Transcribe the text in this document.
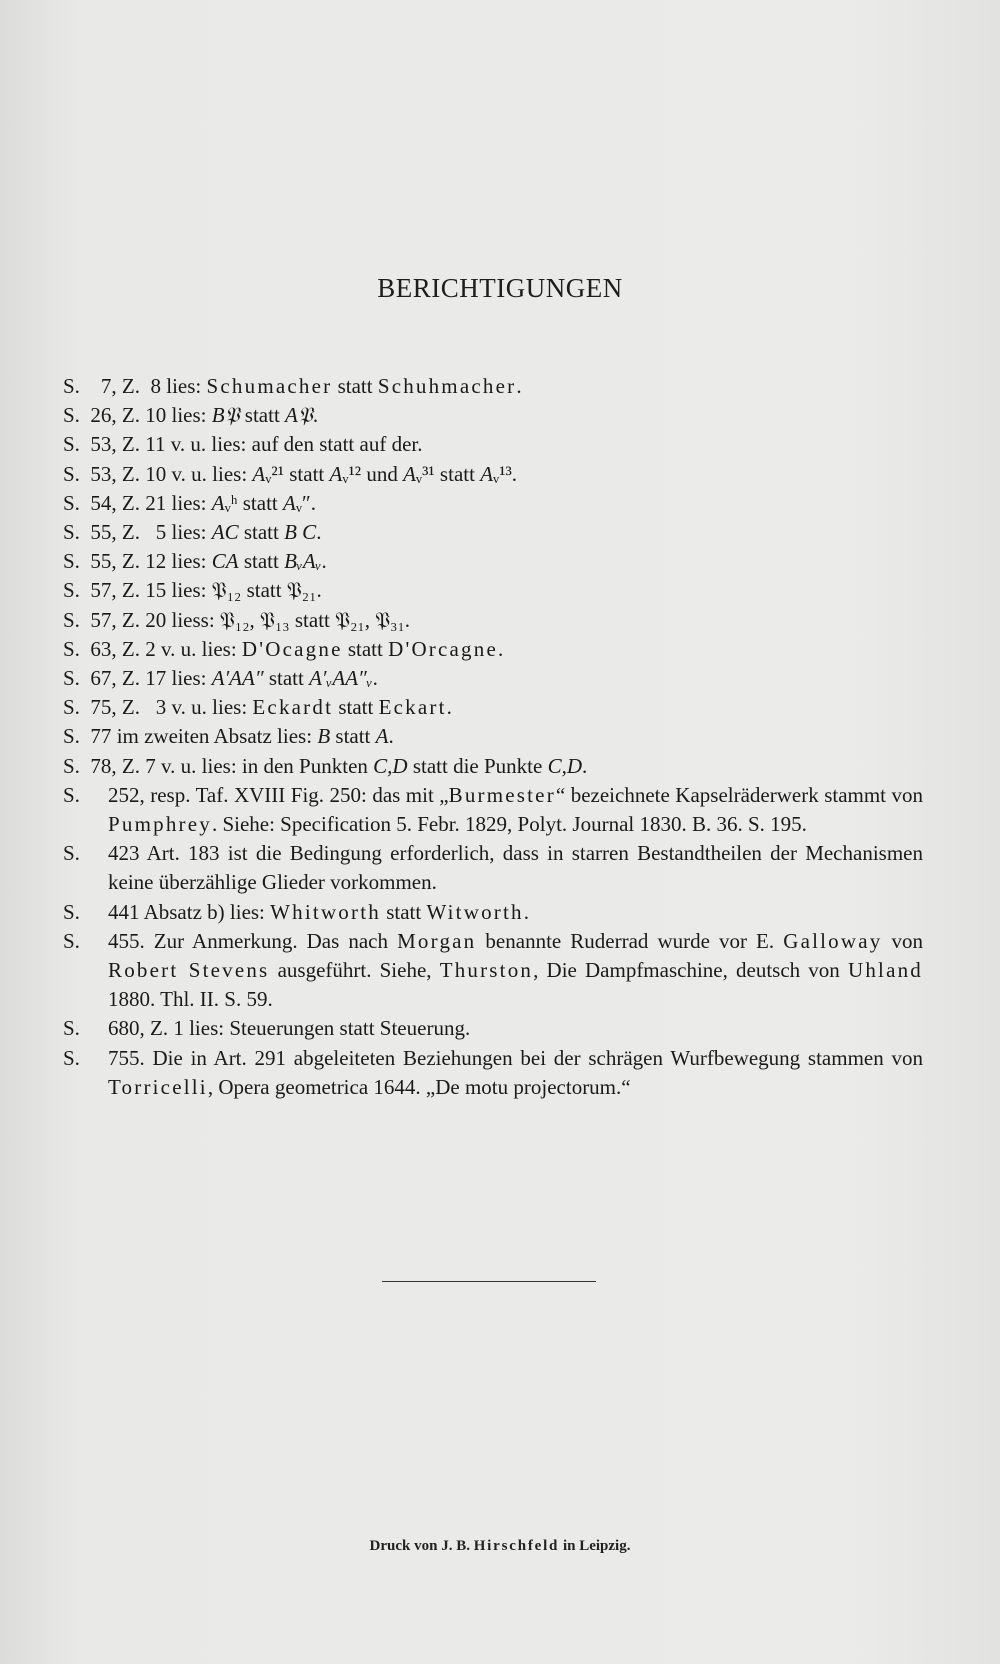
BERICHTIGUNGEN
S.    7, Z.  8 lies: Schumacher statt Schuhmacher.
S.  26, Z. 10 lies: B𝔓 statt A𝔓.
S.  53, Z. 11 v. u. lies: auf den statt auf der.
S.  53, Z. 10 v. u. lies: Aᵥ²¹ statt Aᵥ¹² und Aᵥ³¹ statt Aᵥ¹³.
S.  54, Z. 21 lies: Aᵥʰ statt Aᵥ″.
S.  55, Z.   5 lies: AC statt B C.
S.  55, Z. 12 lies: CA statt BᵥAᵥ.
S.  57, Z. 15 lies: 𝔓₁₂ statt 𝔓₂₁.
S.  57, Z. 20 liess: 𝔓₁₂, 𝔓₁₃ statt 𝔓₂₁, 𝔓₃₁.
S.  63, Z. 2 v. u. lies: D'Ocagne statt D'Orcagne.
S.  67, Z. 17 lies: A′AA″ statt A′ᵥAA″ᵥ.
S.  75, Z.   3 v. u. lies: Eckardt statt Eckart.
S.  77 im zweiten Absatz lies: B statt A.
S.  78, Z. 7 v. u. lies: in den Punkten C,D statt die Punkte C,D.
S.	252, resp. Taf. XVIII Fig. 250: das mit „Burmester“ bezeichnete Kapselräderwerk stammt von Pumphrey. Siehe: Specification 5. Febr. 1829, Polyt. Journal 1830. B. 36. S. 195.
S.	423 Art. 183 ist die Bedingung erforderlich, dass in starren Bestandtheilen der Mechanismen keine überzählige Glieder vorkommen.
S.	441 Absatz b) lies: Whitworth statt Witworth.
S.	455. Zur Anmerkung. Das nach Morgan benannte Ruderrad wurde vor E. Galloway von Robert Stevens ausgeführt. Siehe, Thurston, Die Dampfmaschine, deutsch von Uhland 1880. Thl. II. S. 59.
S.	680, Z. 1 lies: Steuerungen statt Steuerung.
S.	755. Die in Art. 291 abgeleiteten Beziehungen bei der schrägen Wurfbewegung stammen von Torricelli, Opera geometrica 1644. „De motu projectorum.“
Druck von J. B. Hirschfeld in Leipzig.
